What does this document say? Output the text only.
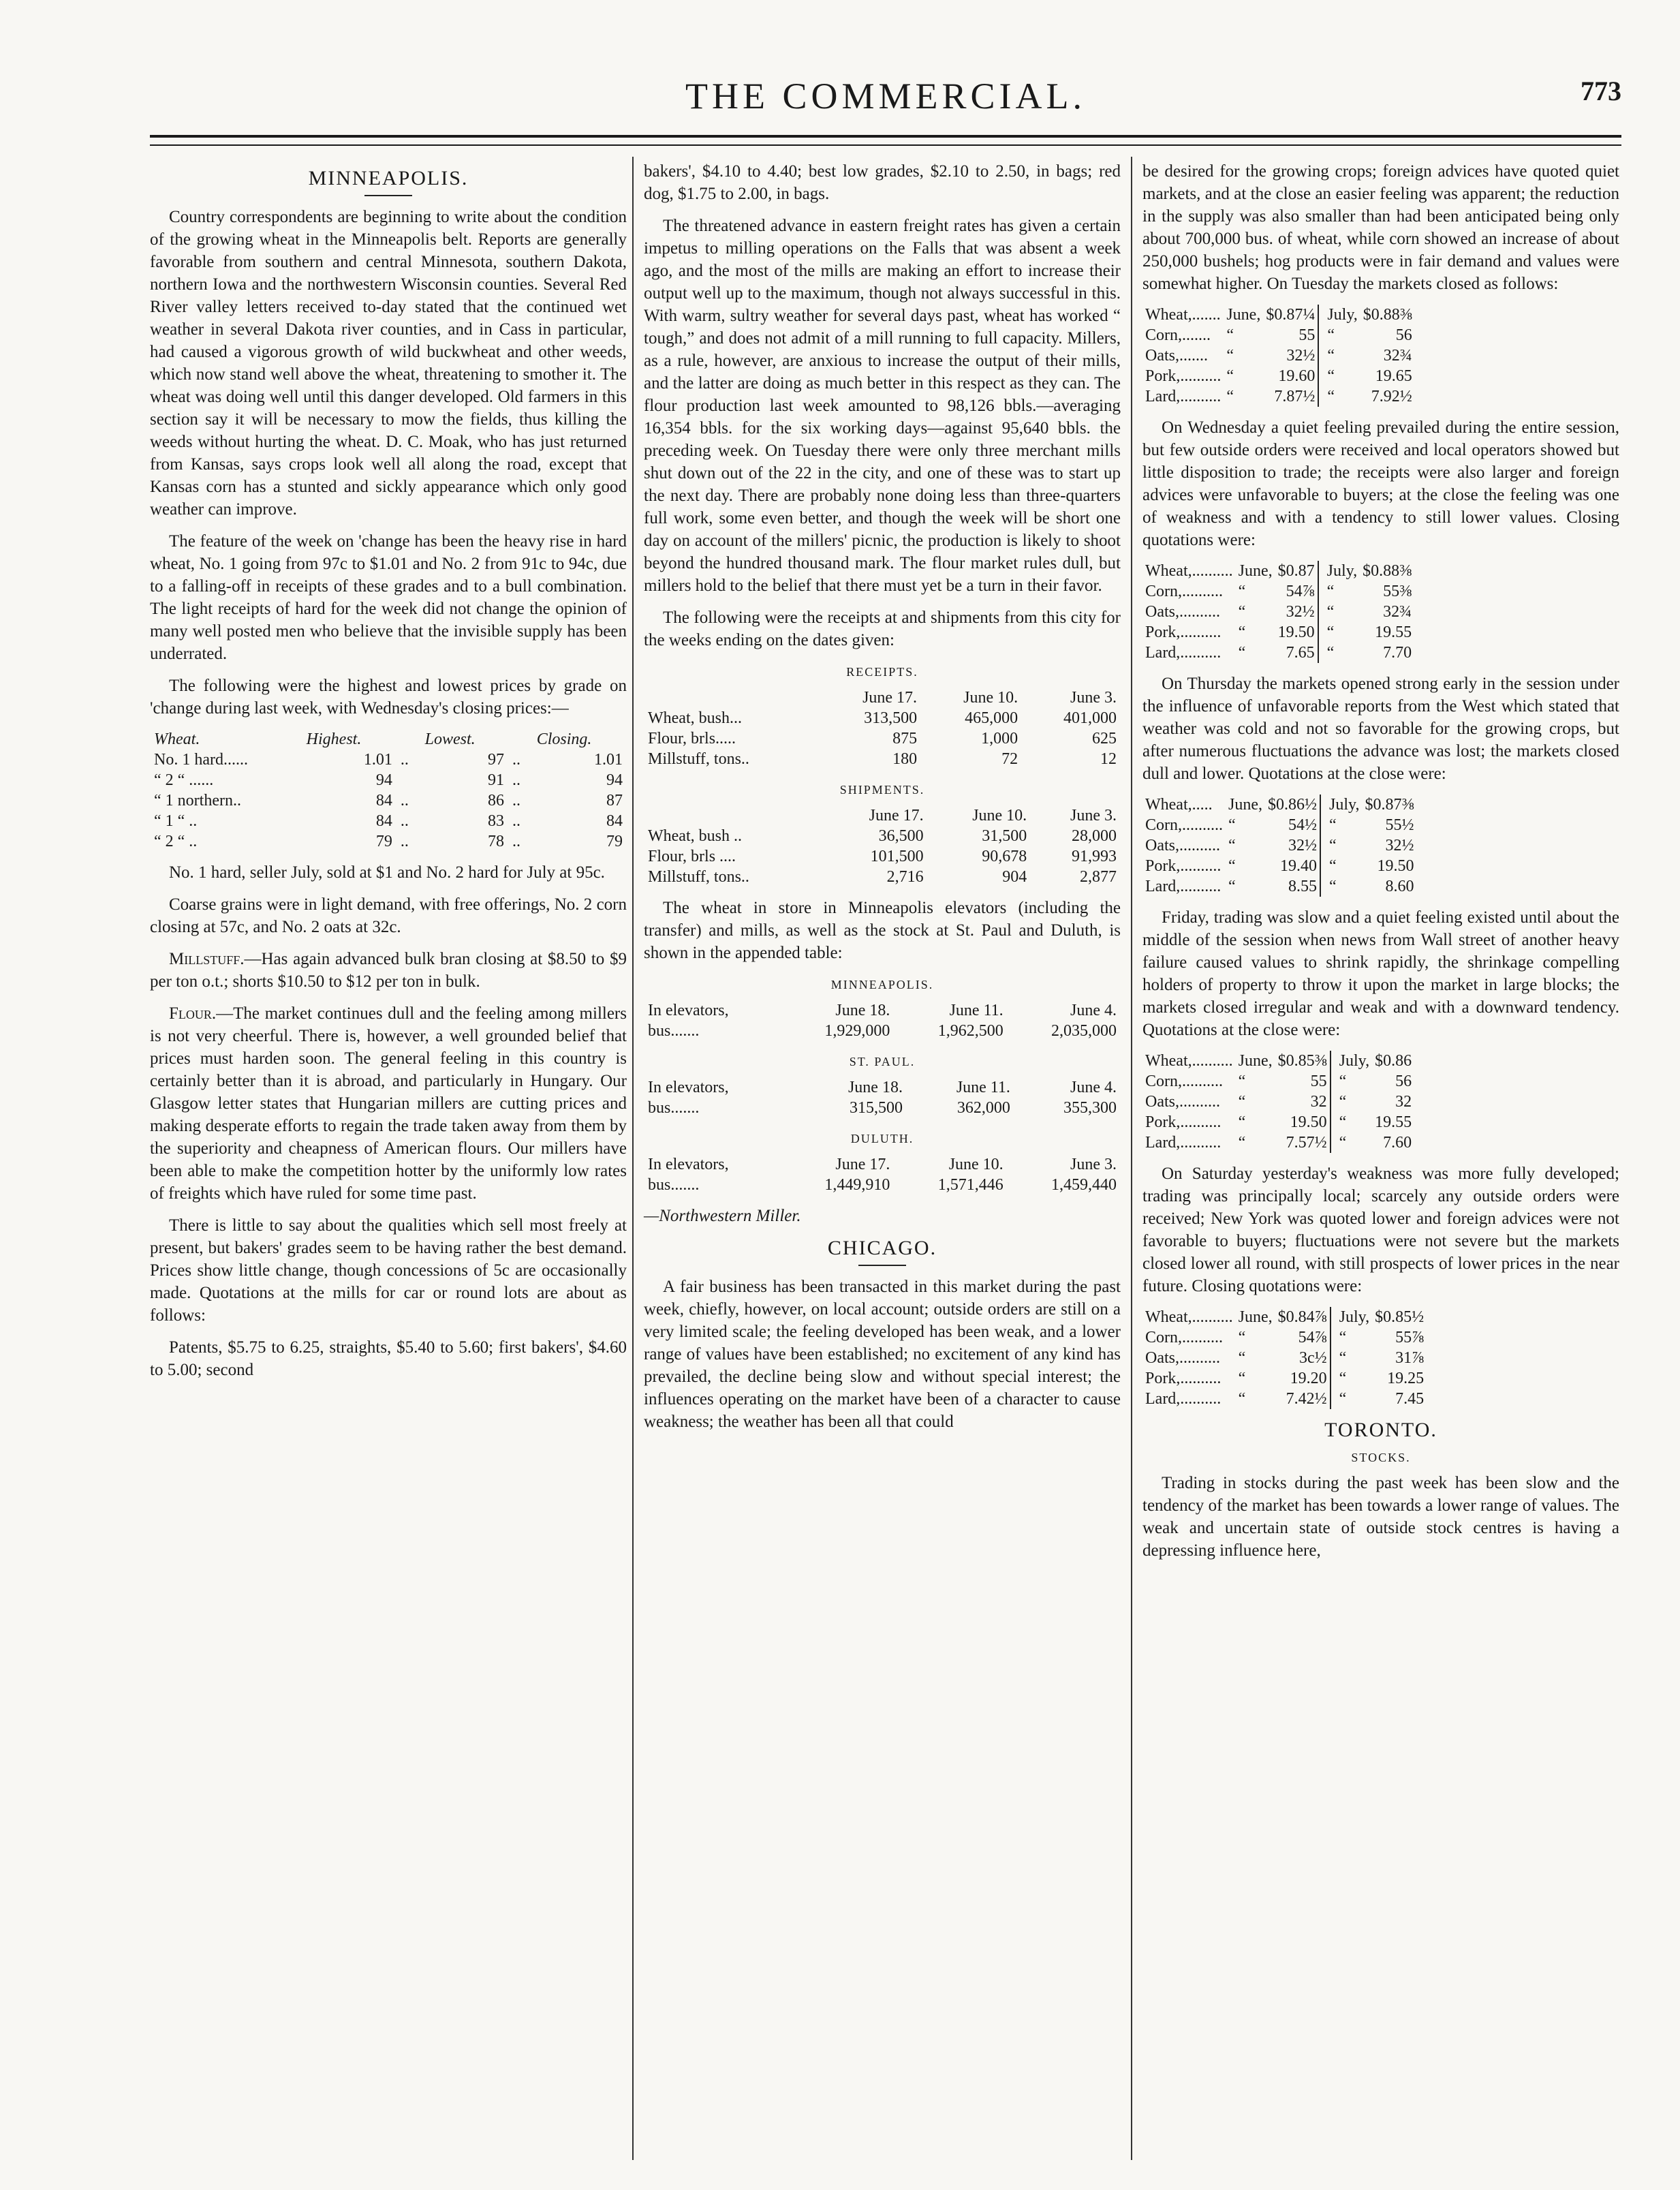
THE COMMERCIAL.	773
MINNEAPOLIS.

Country correspondents are beginning to write about the condition of the growing wheat in the Minneapolis belt. Reports are generally favorable from southern and central Minnesota, southern Dakota, northern Iowa and the northwestern Wisconsin counties. Several Red River valley letters received to-day stated that the continued wet weather in several Dakota river counties, and in Cass in particular, had caused a vigorous growth of wild buckwheat and other weeds, which now stand well above the wheat, threatening to smother it. The wheat was doing well until this danger developed. Old farmers in this section say it will be necessary to mow the fields, thus killing the weeds without hurting the wheat. D. C. Moak, who has just returned from Kansas, says crops look well all along the road, except that Kansas corn has a stunted and sickly appearance which only good weather can improve.

The feature of the week on 'change has been the heavy rise in hard wheat, No. 1 going from 97c to $1.01 and No. 2 from 91c to 94c, due to a falling-off in receipts of these grades and to a bull combination. The light receipts of hard for the week did not change the opinion of many well posted men who believe that the invisible supply has been underrated.

The following were the highest and lowest prices by grade on 'change during last week, with Wednesday's closing prices:—

Wheat.	Highest.		Lowest.		Closing.
No. 1 hard......	1.01	..	97	..	1.01
“ 2 “ ......	94		91	..	94
“ 1 northern..	84	..	86	..	87
“ 1 “ ..	84	..	83	..	84
“ 2 “ ..	79	..	78	..	79

No. 1 hard, seller July, sold at $1 and No. 2 hard for July at 95c.

Coarse grains were in light demand, with free offerings, No. 2 corn closing at 57c, and No. 2 oats at 32c.

Millstuff.—Has again advanced bulk bran closing at $8.50 to $9 per ton o.t.; shorts $10.50 to $12 per ton in bulk.

Flour.—The market continues dull and the feeling among millers is not very cheerful. There is, however, a well grounded belief that prices must harden soon. The general feeling in this country is certainly better than it is abroad, and particularly in Hungary. Our Glasgow letter states that Hungarian millers are cutting prices and making desperate efforts to regain the trade taken away from them by the superiority and cheapness of American flours. Our millers have been able to make the competition hotter by the uniformly low rates of freights which have ruled for some time past.

There is little to say about the qualities which sell most freely at present, but bakers' grades seem to be having rather the best demand. Prices show little change, though concessions of 5c are occasionally made. Quotations at the mills for car or round lots are about as follows:

Patents, $5.75 to 6.25, straights, $5.40 to 5.60; first bakers', $4.60 to 5.00; second

bakers', $4.10 to 4.40; best low grades, $2.10 to 2.50, in bags; red dog, $1.75 to 2.00, in bags.

The threatened advance in eastern freight rates has given a certain impetus to milling operations on the Falls that was absent a week ago, and the most of the mills are making an effort to increase their output well up to the maximum, though not always successful in this. With warm, sultry weather for several days past, wheat has worked “ tough,” and does not admit of a mill running to full capacity. Millers, as a rule, however, are anxious to increase the output of their mills, and the latter are doing as much better in this respect as they can. The flour production last week amounted to 98,126 bbls.—averaging 16,354 bbls. for the six working days—against 95,640 bbls. the preceding week. On Tuesday there were only three merchant mills shut down out of the 22 in the city, and one of these was to start up the next day. There are probably none doing less than three-quarters full work, some even better, and though the week will be short one day on account of the millers' picnic, the production is likely to shoot beyond the hundred thousand mark. The flour market rules dull, but millers hold to the belief that there must yet be a turn in their favor.

The following were the receipts at and shipments from this city for the weeks ending on the dates given:

RECEIPTS.
	June 17.	June 10.	June 3.
Wheat, bush...	313,500	465,000	401,000
Flour, brls.....	875	1,000	625
Millstuff, tons..	180	72	12
SHIPMENTS.
	June 17.	June 10.	June 3.
Wheat, bush ..	36,500	31,500	28,000
Flour, brls ....	101,500	90,678	91,993
Millstuff, tons..	2,716	904	2,877

The wheat in store in Minneapolis elevators (including the transfer) and mills, as well as the stock at St. Paul and Duluth, is shown in the appended table:

MINNEAPOLIS.
In elevators,	June 18.	June 11.	June 4.
bus.......	1,929,000	1,962,500	2,035,000
ST. PAUL.
In elevators,	June 18.	June 11.	June 4.
bus.......	315,500	362,000	355,300
DULUTH.
In elevators,	June 17.	June 10.	June 3.
bus.......	1,449,910	1,571,446	1,459,440

—Northwestern Miller.

CHICAGO.

A fair business has been transacted in this market during the past week, chiefly, however, on local account; outside orders are still on a very limited scale; the feeling developed has been weak, and a lower range of values have been established; no excitement of any kind has prevailed, the decline being slow and without special interest; the influences operating on the market have been of a character to cause weakness; the weather has been all that could

be desired for the growing crops; foreign advices have quoted quiet markets, and at the close an easier feeling was apparent; the reduction in the supply was also smaller than had been anticipated being only about 700,000 bus. of wheat, while corn showed an increase of about 250,000 bushels; hog products were in fair demand and values were somewhat higher. On Tuesday the markets closed as follows:

Wheat,.......	June,	$0.87¼	July,	$0.88⅜
Corn,.......	“	55	“	56
Oats,.......	“	32½	“	32¾
Pork,..........	“	19.60	“	19.65
Lard,..........	“	7.87½	“	7.92½

On Wednesday a quiet feeling prevailed during the entire session, but few outside orders were received and local operators showed but little disposition to trade; the receipts were also larger and foreign advices were unfavorable to buyers; at the close the feeling was one of weakness and with a tendency to still lower values. Closing quotations were:

Wheat,..........	June,	$0.87	July,	$0.88⅜
Corn,..........	“	54⅞	“	55⅜
Oats,..........	“	32½	“	32¾
Pork,..........	“	19.50	“	19.55
Lard,..........	“	7.65	“	7.70

On Thursday the markets opened strong early in the session under the influence of unfavorable reports from the West which stated that weather was cold and not so favorable for the growing crops, but after numerous fluctuations the advance was lost; the markets closed dull and lower. Quotations at the close were:

Wheat,.....	June,	$0.86½	July,	$0.87⅜
Corn,..........	“	54½	“	55½
Oats,..........	“	32½	“	32½
Pork,..........	“	19.40	“	19.50
Lard,..........	“	8.55	“	8.60

Friday, trading was slow and a quiet feeling existed until about the middle of the session when news from Wall street of another heavy failure caused values to shrink rapidly, the shrinkage compelling holders of property to throw it upon the market in large blocks; the markets closed irregular and weak and with a downward tendency. Quotations at the close were:

Wheat,..........	June,	$0.85⅜	July,	$0.86
Corn,..........	“	55	“	56
Oats,..........	“	32	“	32
Pork,..........	“	19.50	“	19.55
Lard,..........	“	7.57½	“	7.60

On Saturday yesterday's weakness was more fully developed; trading was principally local; scarcely any outside orders were received; New York was quoted lower and foreign advices were not favorable to buyers; fluctuations were not severe but the markets closed lower all round, with still prospects of lower prices in the near future. Closing quotations were:

Wheat,..........	June,	$0.84⅞	July,	$0.85½
Corn,..........	“	54⅞	“	55⅞
Oats,..........	“	3c½	“	31⅞
Pork,..........	“	19.20	“	19.25
Lard,..........	“	7.42½	“	7.45
TORONTO.
STOCKS.

Trading in stocks during the past week has been slow and the tendency of the market has been towards a lower range of values. The weak and uncertain state of outside stock centres is having a depressing influence here,
